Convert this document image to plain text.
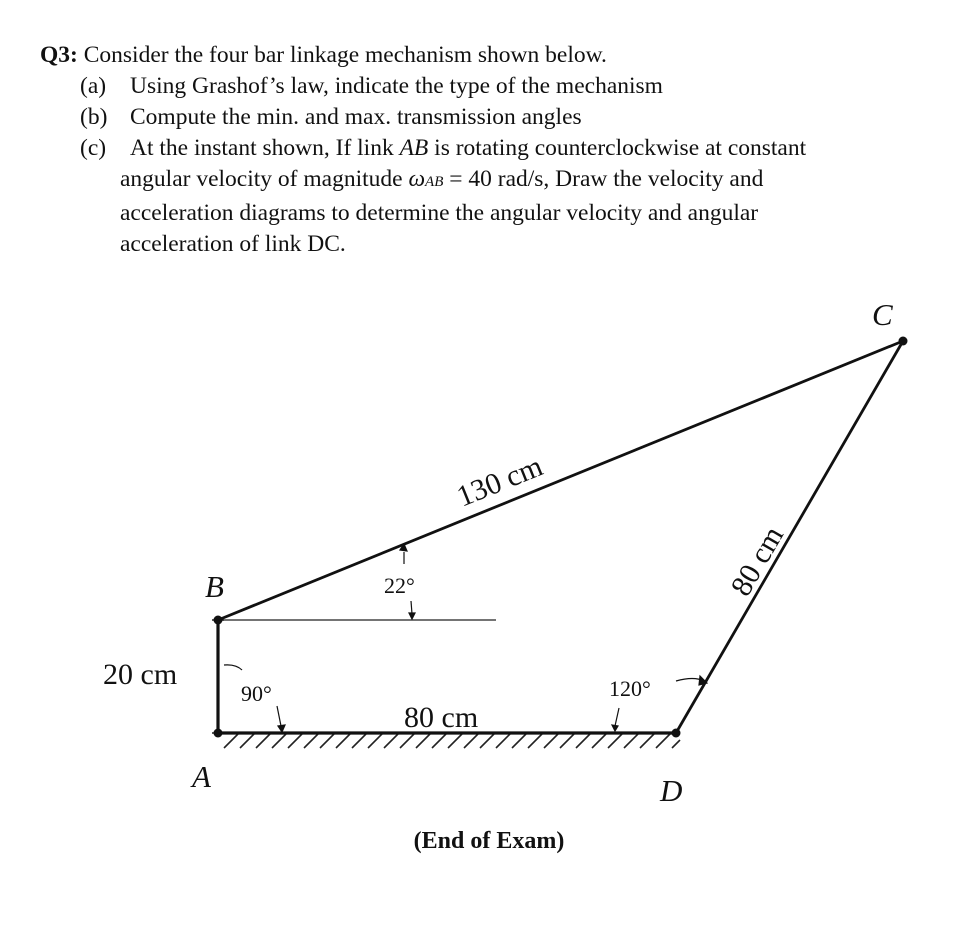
Q3: Consider the four bar linkage mechanism shown below.
(a) Using Grashof’s law, indicate the type of the mechanism
(b) Compute the min. and max. transmission angles
(c) At the instant shown, If link AB is rotating counterclockwise at constant
angular velocity of magnitude ωAB = 40 rad/s, Draw the velocity and
acceleration diagrams to determine the angular velocity and angular
acceleration of link DC.
A
B
C
D
20 cm
130 cm
80 cm
80 cm
90°
22°
120°
(End of Exam)
